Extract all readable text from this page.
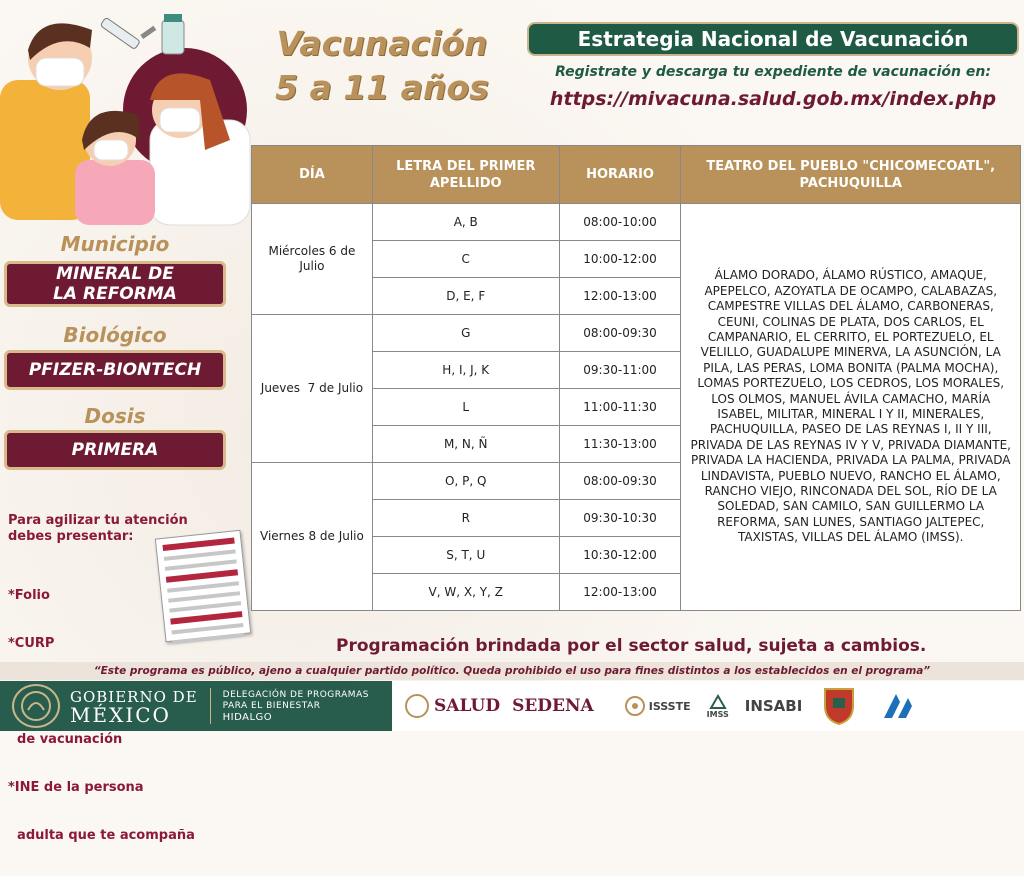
Vacunación
5 a 11 años
Municipio
MINERAL DE
LA REFORMA
Biológico
PFIZER-BIONTECH
Dosis
PRIMERA
Para agilizar tu atención
debes presentar:

*Folio

*CURP

de vacunación

*INE de la persona

adulta que te acompaña

Estrategia Nacional de Vacunación
Registrate y descarga tu expediente de vacunación en:
https://mivacuna.salud.gob.mx/index.php
DÍA	LETRA DEL PRIMER APELLIDO	HORARIO	TEATRO DEL PUEBLO "CHICOMECOATL", PACHUQUILLA
Miércoles 6 de Julio	A, B	08:00-10:00	ÁLAMO DORADO, ÁLAMO RÚSTICO, AMAQUE, APEPELCO, AZOYATLA DE OCAMPO, CALABAZAS, CAMPESTRE VILLAS DEL ÁLAMO, CARBONERAS, CEUNI, COLINAS DE PLATA, DOS CARLOS, EL CAMPANARIO, EL CERRITO, EL PORTEZUELO, EL VELILLO, GUADALUPE MINERVA, LA ASUNCIÓN, LA PILA, LAS PERAS, LOMA BONITA (PALMA MOCHA), LOMAS PORTEZUELO, LOS CEDROS, LOS MORALES, LOS OLMOS, MANUEL ÁVILA CAMACHO, MARÍA ISABEL, MILITAR, MINERAL I Y II, MINERALES, PACHUQUILLA, PASEO DE LAS REYNAS I, II Y III, PRIVADA DE LAS REYNAS IV Y V, PRIVADA DIAMANTE, PRIVADA LA HACIENDA, PRIVADA LA PALMA, PRIVADA LINDAVISTA, PUEBLO NUEVO, RANCHO EL ÁLAMO, RANCHO VIEJO, RINCONADA DEL SOL, RÍO DE LA SOLEDAD, SAN CAMILO, SAN GUILLERMO LA REFORMA, SAN LUNES, SANTIAGO JALTEPEC, TAXISTAS, VILLAS DEL ÁLAMO (IMSS).
	C	10:00-12:00	
	D, E, F	12:00-13:00	
Jueves  7 de Julio	G	08:00-09:30	
	H, I, J, K	09:30-11:00	
	L	11:00-11:30	
	M, N, Ñ	11:30-13:00	
Viernes 8 de Julio	O, P, Q	08:00-09:30	
	R	09:30-10:30	
	S, T, U	10:30-12:00	
	V, W, X, Y, Z	12:00-13:00	
Programación brindada por el sector salud, sujeta a cambios.
“Este programa es público, ajeno a cualquier partido político. Queda prohibido el uso para fines distintos a los establecidos en el programa”
GOBIERNO DE
MÉXICO
DELEGACIÓN DE PROGRAMAS
PARA EL BIENESTAR
HIDALGO
SALUD SEDENA	ISSSTE
IMSS INSABI
